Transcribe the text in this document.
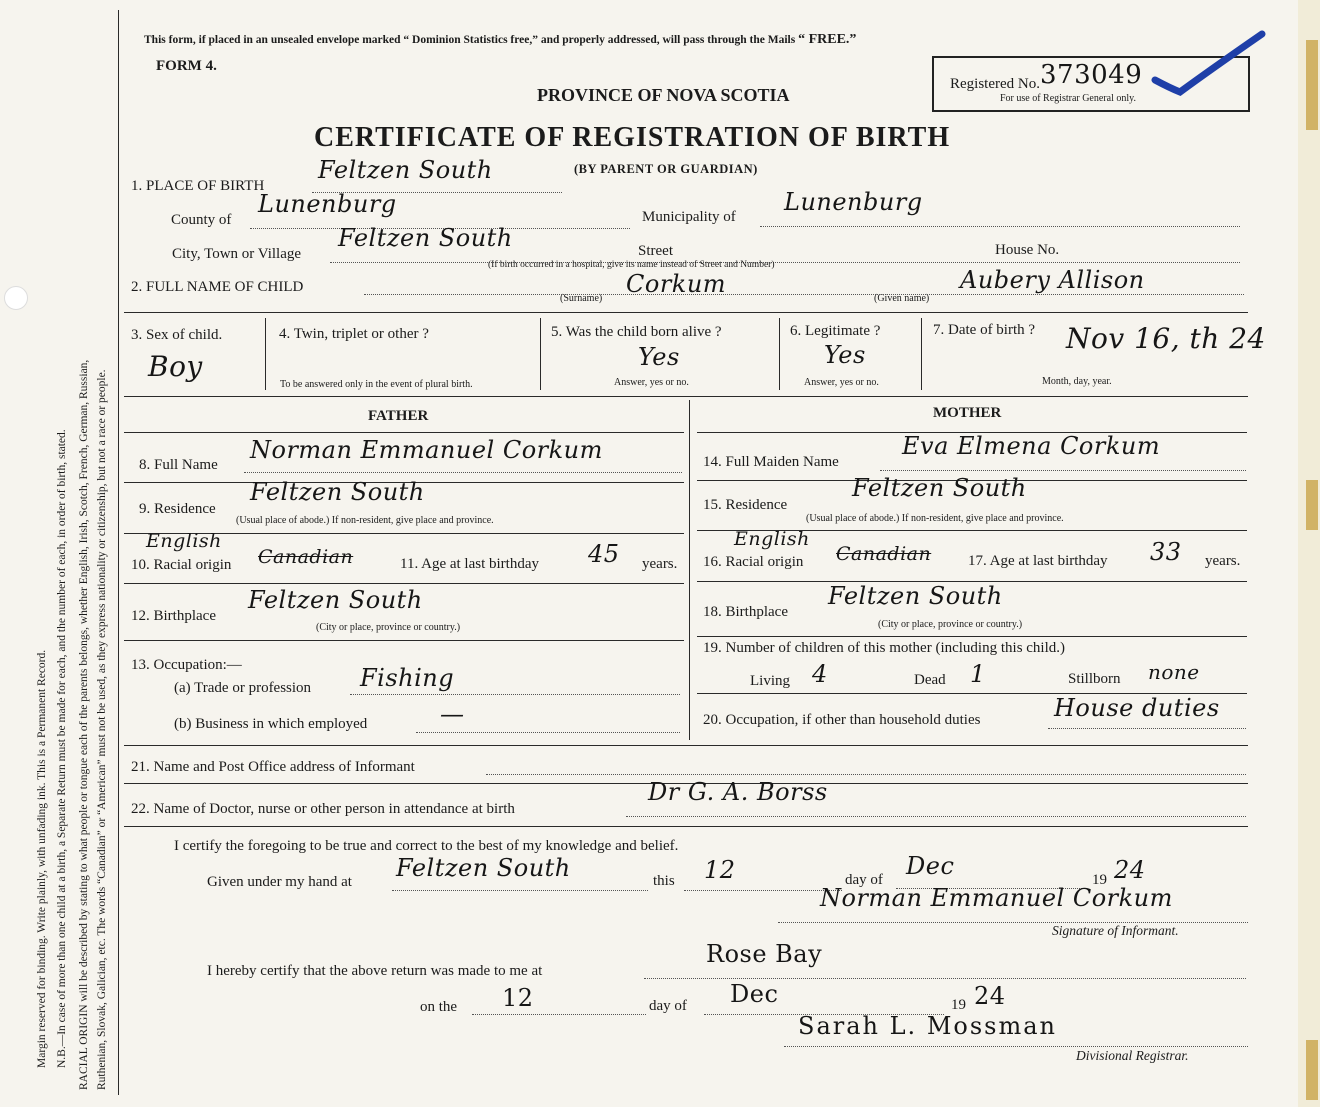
Margin reserved for binding. Write plainly, with unfading ink. This is a Permanent Record. N.B.—In case of more than one child at a birth, a Separate Return must be made for each, and the number of each, in order of birth, stated. RACIAL ORIGIN will be described by stating to what people or tongue each of the parents belongs, whether English, Irish, Scotch, French, German, Russian, Ruthenian, Slovak, Galician, etc. The words “Canadian” or “American” must not be used, as they express nationality or citizenship, but not a race or people.
This form, if placed in an unsealed envelope marked “ Dominion Statistics free,” and properly addressed, will pass through the Mails “ FREE.”
FORM 4.
PROVINCE OF NOVA SCOTIA
CERTIFICATE OF REGISTRATION OF BIRTH
(BY PARENT OR GUARDIAN)
Registered No. 373049
For use of Registrar General only.
1. PLACE OF BIRTH
Feltzen South
County of
Lunenburg	Municipality of
Lunenburg
City, Town or Village
Feltzen South	Street	House No.
(If birth occurred in a hospital, give its name instead of Street and Number)
2. FULL NAME OF CHILD
(Surname)
Corkum
(Given name)
Aubery Allison
3. Sex of child.
Boy
4. Twin, triplet or other ?
To be answered only in the event of plural birth.
5. Was the child born alive ?
Yes
Answer, yes or no.
6. Legitimate ?
Yes
Answer, yes or no.
7. Date of birth ? Nov 16, th 24
Month, day, year.
FATHER	MOTHER
8. Full Name
Norman Emmanuel Corkum
9. Residence
Feltzen South
(Usual place of abode.) If non-resident, give place and province.
English
10. Racial origin Canadian	11. Age at last birthday 45 years.
12. Birthplace
Feltzen South
(City or place, province or country.)
13. Occupation:—
(a) Trade or profession Fishing
(b) Business in which employed	—
14. Full Maiden Name
Eva Elmena Corkum
15. Residence
Feltzen South
(Usual place of abode.) If non-resident, give place and province.
English
16. Racial origin Canadian 17. Age at last birthday 33 years.
18. Birthplace
Feltzen South
(City or place, province or country.)
19. Number of children of this mother (including this child.)
Living 4	Dead 1	Stillborn none
20. Occupation, if other than household duties	House duties
21. Name and Post Office address of Informant
22. Name of Doctor, nurse or other person in attendance at birth
Dr G. A. Borss
I certify the foregoing to be true and correct to the best of my knowledge and belief.
Given under my hand at Feltzen South	this 12	day of Dec	19 24
Norman Emmanuel Corkum
Signature of Informant.
I hereby certify that the above return was made to me at
Rose Bay
on the 12	day of Dec	19 24
Sarah L. Mossman
Divisional Registrar.
